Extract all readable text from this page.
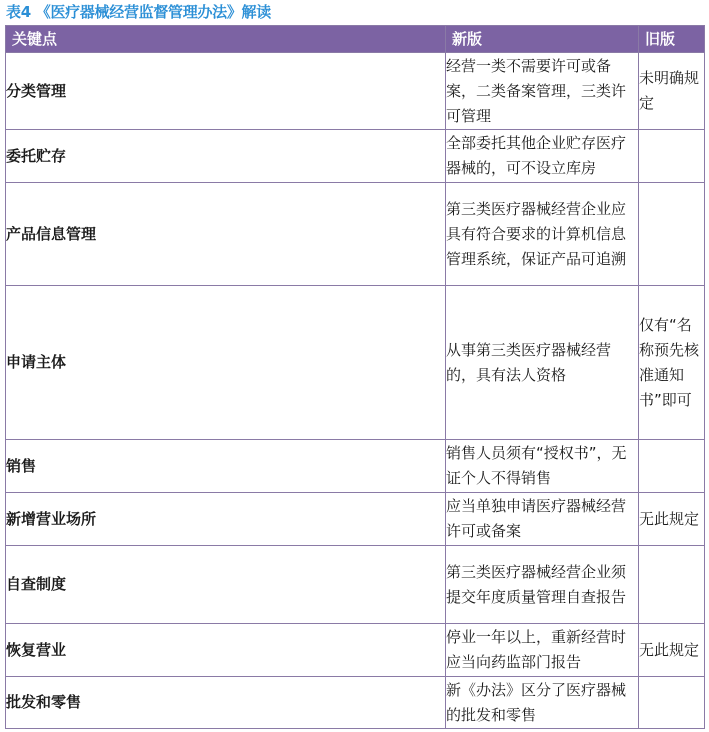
表4 《医疗器械经营监督管理办法》解读
关键点	新版	旧版
分类管理	经营一类不需要许可或备案，二类备案管理，三类许可管理	未明确规定
委托贮存	全部委托其他企业贮存医疗器械的，可不设立库房	
产品信息管理	第三类医疗器械经营企业应具有符合要求的计算机信息管理系统，保证产品可追溯	
申请主体	从事第三类医疗器械经营的，具有法人资格	仅有“名称预先核准通知书”即可
销售	销售人员须有“授权书”，无证个人不得销售	
新增营业场所	应当单独申请医疗器械经营许可或备案	无此规定
自查制度	第三类医疗器械经营企业须提交年度质量管理自查报告	
恢复营业	停业一年以上，重新经营时应当向药监部门报告	无此规定
批发和零售	新《办法》区分了医疗器械的批发和零售	
